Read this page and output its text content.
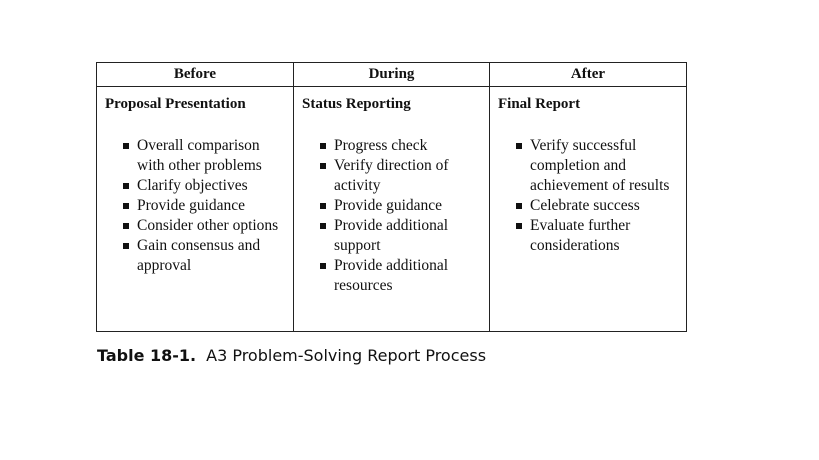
Before
Proposal Presentation
Overall comparison with other problems
Clarify objectives
Provide guidance
Consider other options
Gain consensus and approval
During
Status Reporting
Progress check
Verify direction of activity
Provide guidance
Provide additional support
Provide additional resources
After
Final Report
Verify successful completion and achievement of results
Celebrate success
Evaluate further considerations
Table 18-1. A3 Problem-Solving Report Process
